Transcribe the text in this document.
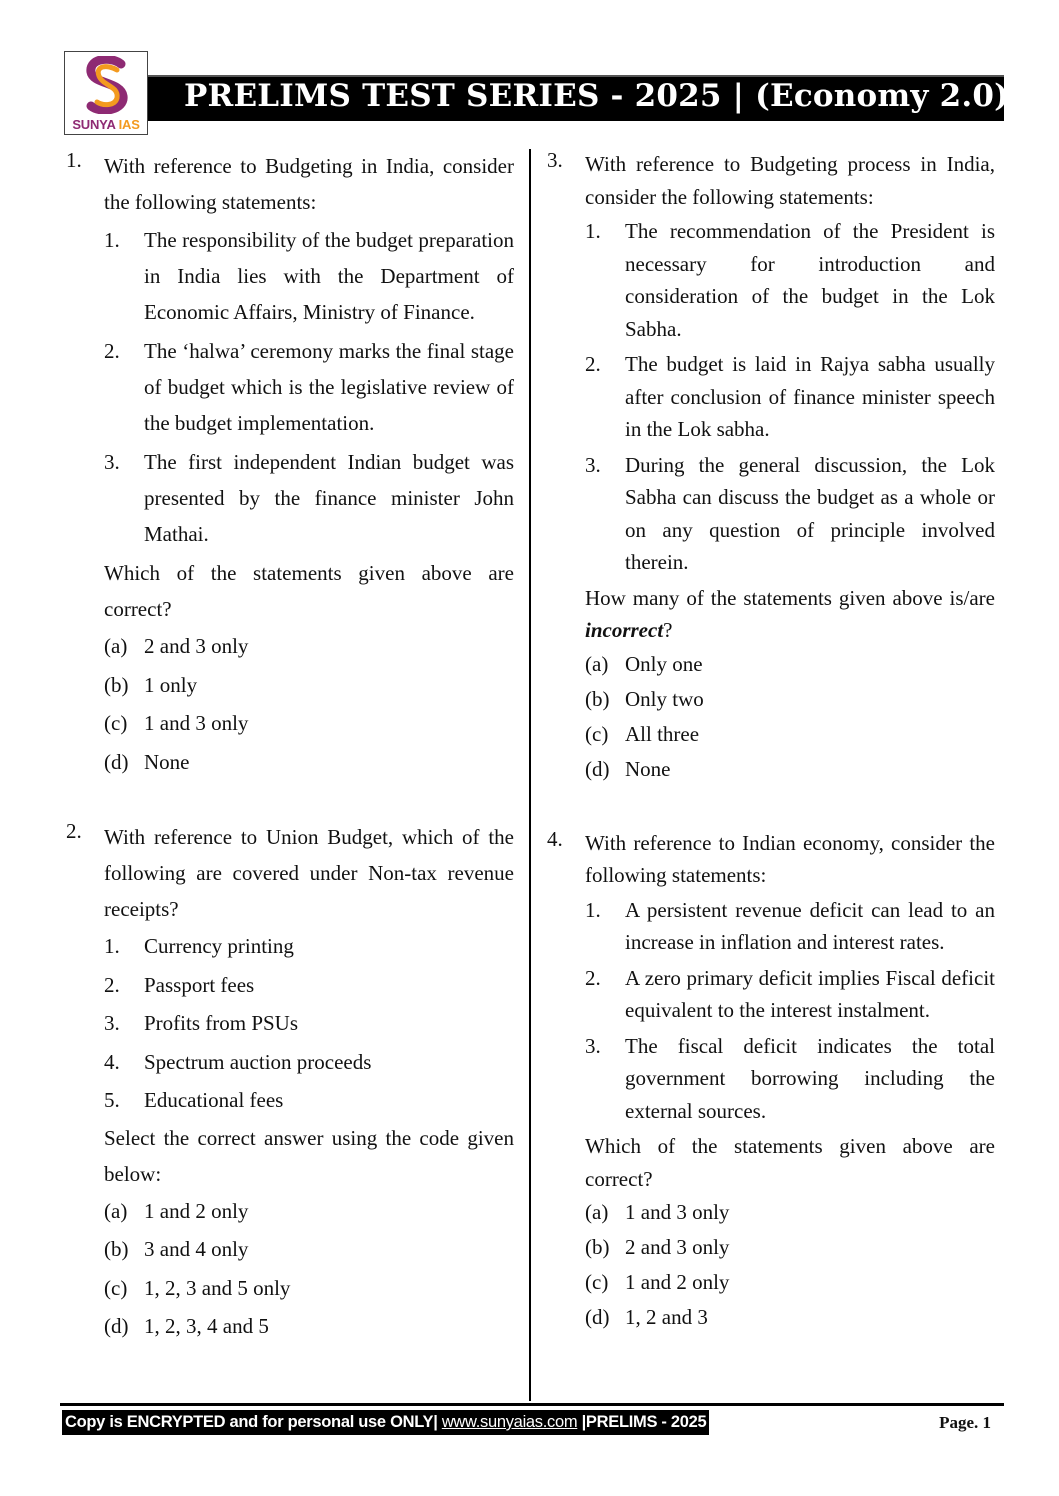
SUNYA IAS
PRELIMS TEST SERIES - 2025 | (Economy 2.0)
1. With reference to Budgeting in India, consider the following statements:
1. The responsibility of the budget preparation in India lies with the Department of Economic Affairs, Ministry of Finance.
2. The ‘halwa’ ceremony marks the final stage of budget which is the legislative review of the budget implementation.
3. The first independent Indian budget was presented by the finance minister John Mathai.
Which of the statements given above are correct?
(a) 2 and 3 only
(b) 1 only
(c) 1 and 3 only
(d) None
2. With reference to Union Budget, which of the following are covered under Non-tax revenue receipts?
1. Currency printing
2. Passport fees
3. Profits from PSUs
4. Spectrum auction proceeds
5. Educational fees
Select the correct answer using the code given below:
(a) 1 and 2 only
(b) 3 and 4 only
(c) 1, 2, 3 and 5 only
(d) 1, 2, 3, 4 and 5
3. With reference to Budgeting process in India, consider the following statements:
1. The recommendation of the President is necessary for introduction and consideration of the budget in the Lok Sabha.
2. The budget is laid in Rajya sabha usually after conclusion of finance minister speech in the Lok sabha.
3. During the general discussion, the Lok Sabha can discuss the budget as a whole or on any question of principle involved therein.
How many of the statements given above is/are incorrect?
(a) Only one
(b) Only two
(c) All three
(d) None
4. With reference to Indian economy, consider the following statements:
1. A persistent revenue deficit can lead to an increase in inflation and interest rates.
2. A zero primary deficit implies Fiscal deficit equivalent to the interest instalment.
3. The fiscal deficit indicates the total government borrowing including the external sources.
Which of the statements given above are correct?
(a) 1 and 3 only
(b) 2 and 3 only
(c) 1 and 2 only
(d) 1, 2 and 3
Copy is ENCRYPTED and for personal use ONLY| www.sunyaias.com |PRELIMS - 2025	Page. 1
